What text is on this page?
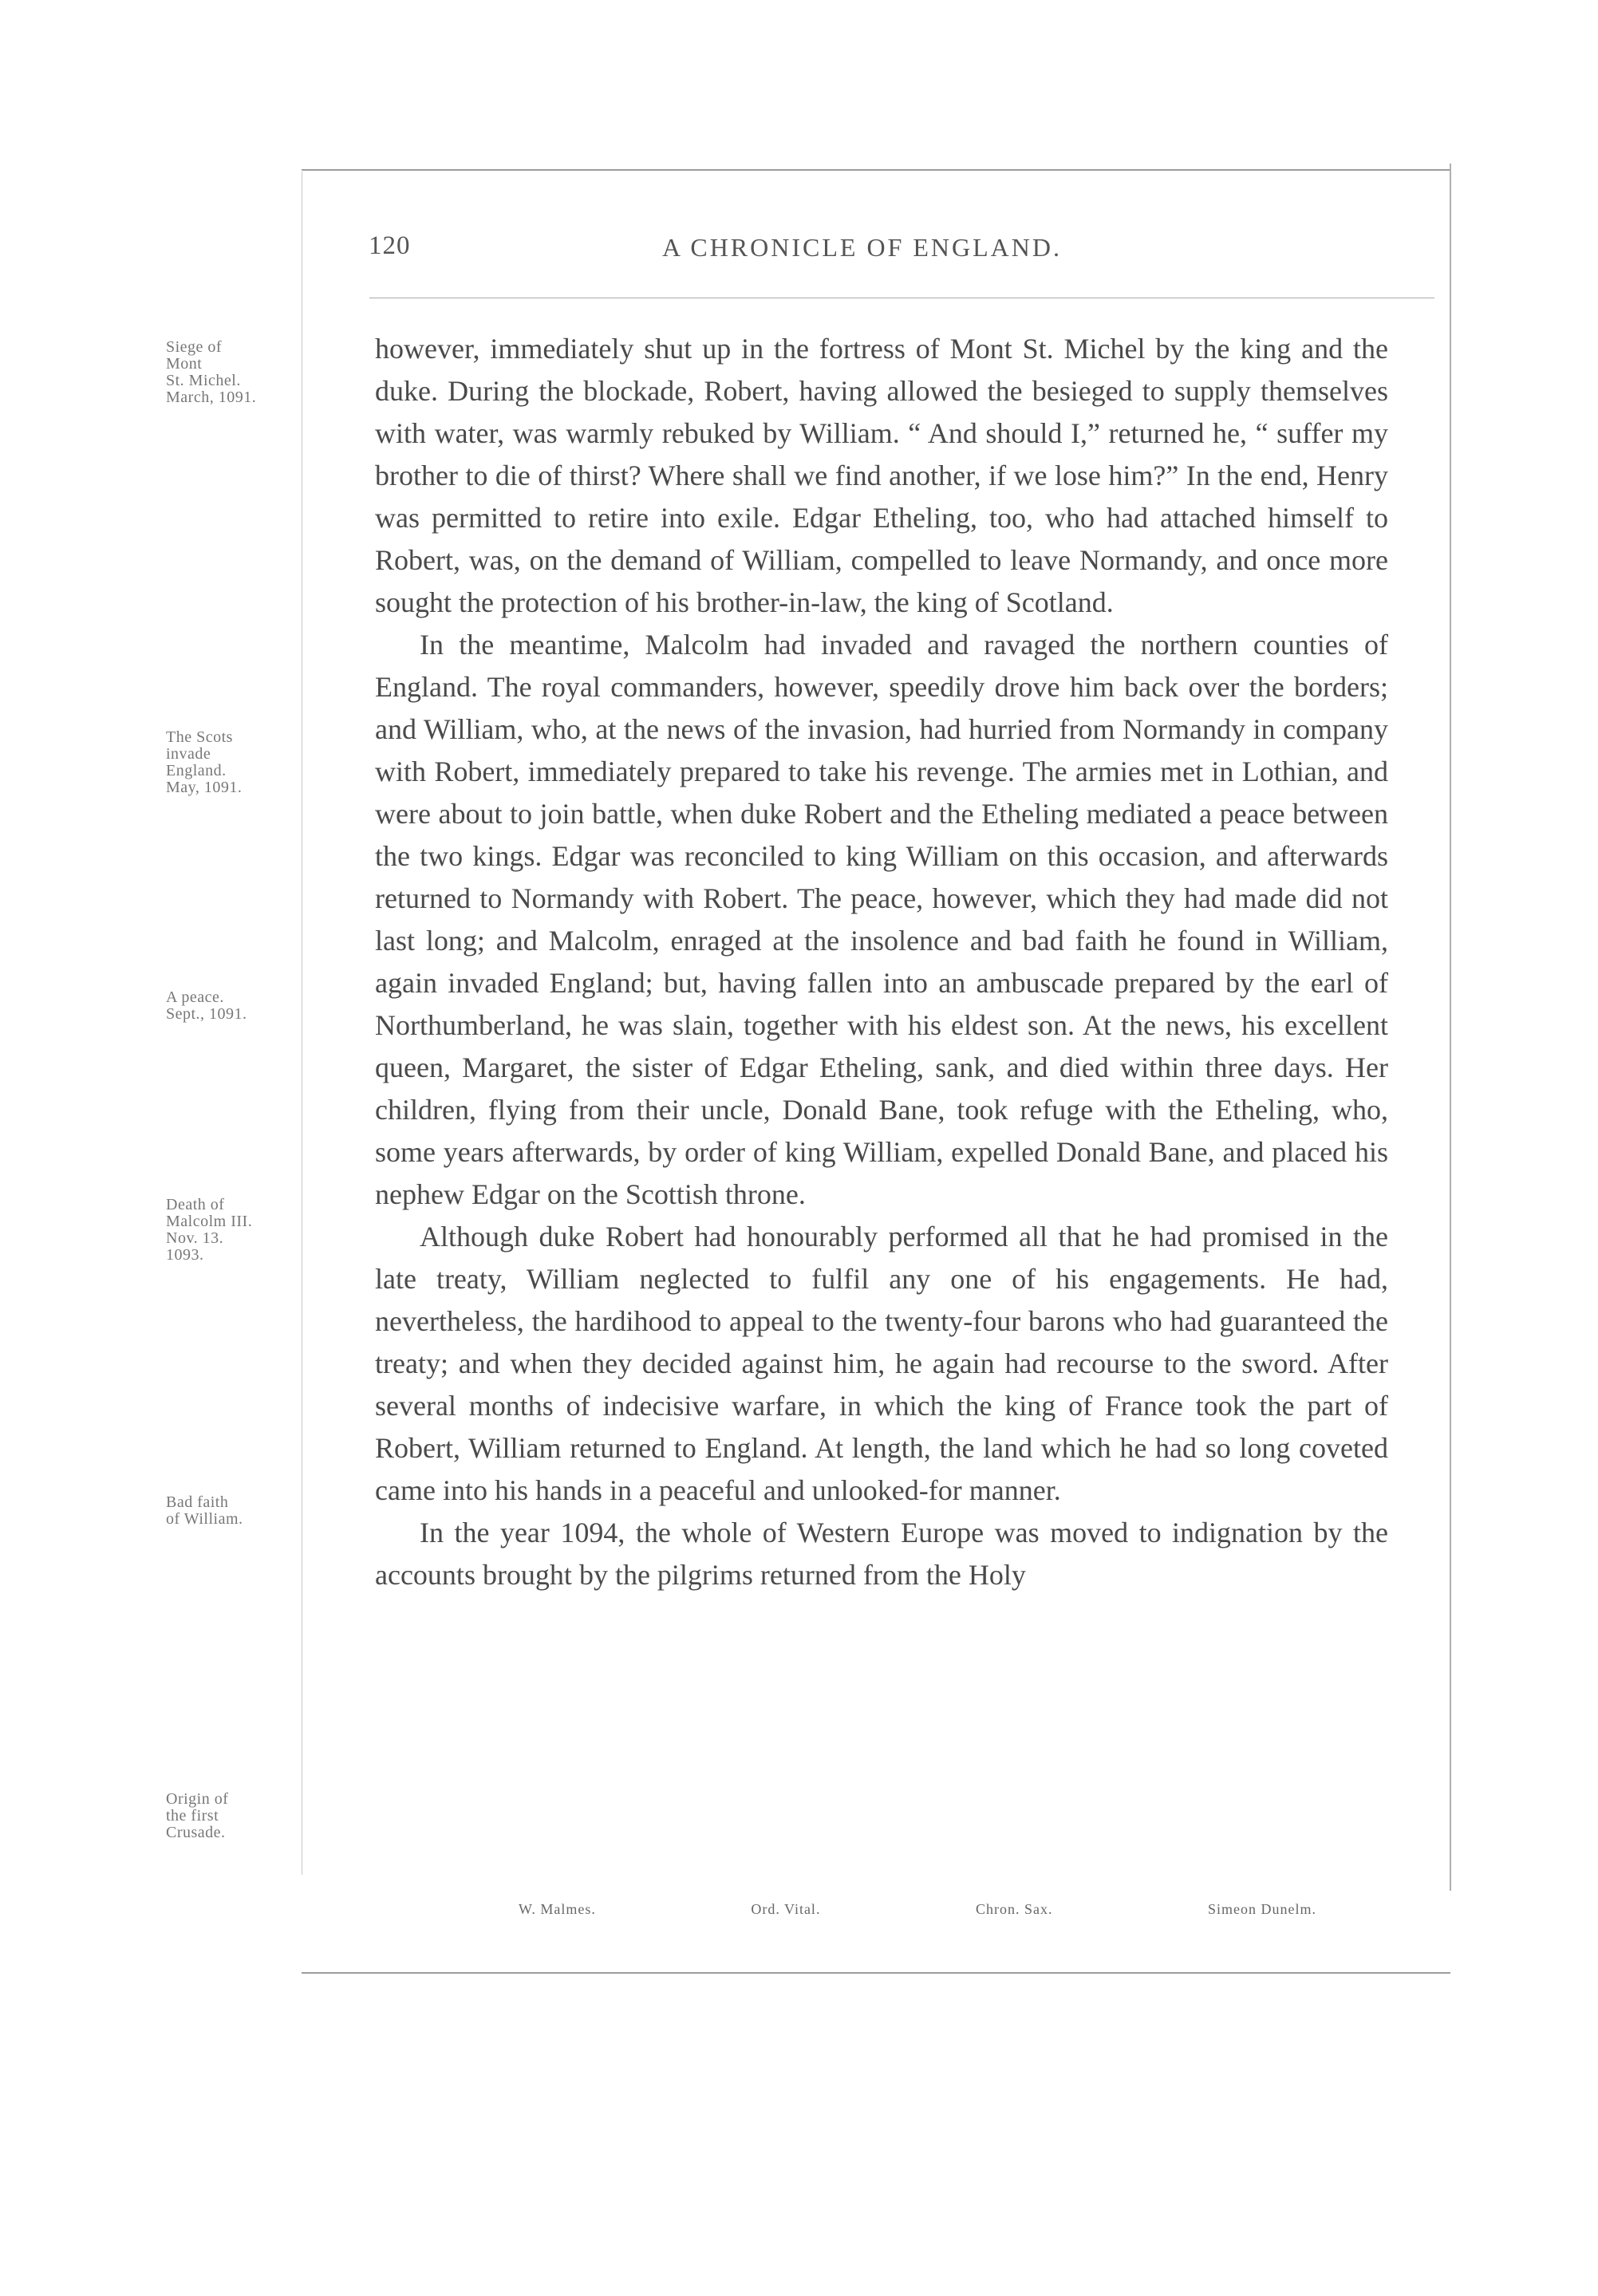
120	A CHRONICLE OF ENGLAND.
Siege of
Mont
St. Michel.
March, 1091.
The Scots
invade
England.
May, 1091.
A peace.
Sept., 1091.
Death of
Malcolm III.
Nov. 13.
1093.
Bad faith
of William.
Origin of
the first
Crusade.

however, immediately shut up in the fortress of Mont St. Michel by the king and the duke. During the blockade, Robert, having allowed the besieged to supply themselves with water, was warmly rebuked by William. “ And should I,” returned he, “ suffer my brother to die of thirst? Where shall we find another, if we lose him?” In the end, Henry was permitted to retire into exile. Edgar Etheling, too, who had attached himself to Robert, was, on the demand of William, compelled to leave Normandy, and once more sought the protection of his brother-in-law, the king of Scotland.

In the meantime, Malcolm had invaded and ravaged the northern counties of England. The royal commanders, however, speedily drove him back over the borders; and William, who, at the news of the invasion, had hurried from Normandy in company with Robert, immediately prepared to take his revenge. The armies met in Lothian, and were about to join battle, when duke Robert and the Etheling mediated a peace between the two kings. Edgar was reconciled to king William on this occasion, and afterwards returned to Normandy with Robert. The peace, however, which they had made did not last long; and Malcolm, enraged at the insolence and bad faith he found in William, again invaded England; but, having fallen into an ambuscade prepared by the earl of Northumberland, he was slain, together with his eldest son. At the news, his excellent queen, Margaret, the sister of Edgar Etheling, sank, and died within three days. Her children, flying from their uncle, Donald Bane, took refuge with the Etheling, who, some years afterwards, by order of king William, expelled Donald Bane, and placed his nephew Edgar on the Scottish throne.

Although duke Robert had honourably performed all that he had promised in the late treaty, William neglected to fulfil any one of his engagements. He had, nevertheless, the hardihood to appeal to the twenty-four barons who had guaranteed the treaty; and when they decided against him, he again had recourse to the sword. After several months of indecisive warfare, in which the king of France took the part of Robert, William returned to England. At length, the land which he had so long coveted came into his hands in a peaceful and unlooked-for manner.

In the year 1094, the whole of Western Europe was moved to indignation by the accounts brought by the pilgrims returned from the Holy

W. Malmes.	Ord. Vital.	Chron. Sax.	Simeon Dunelm.
